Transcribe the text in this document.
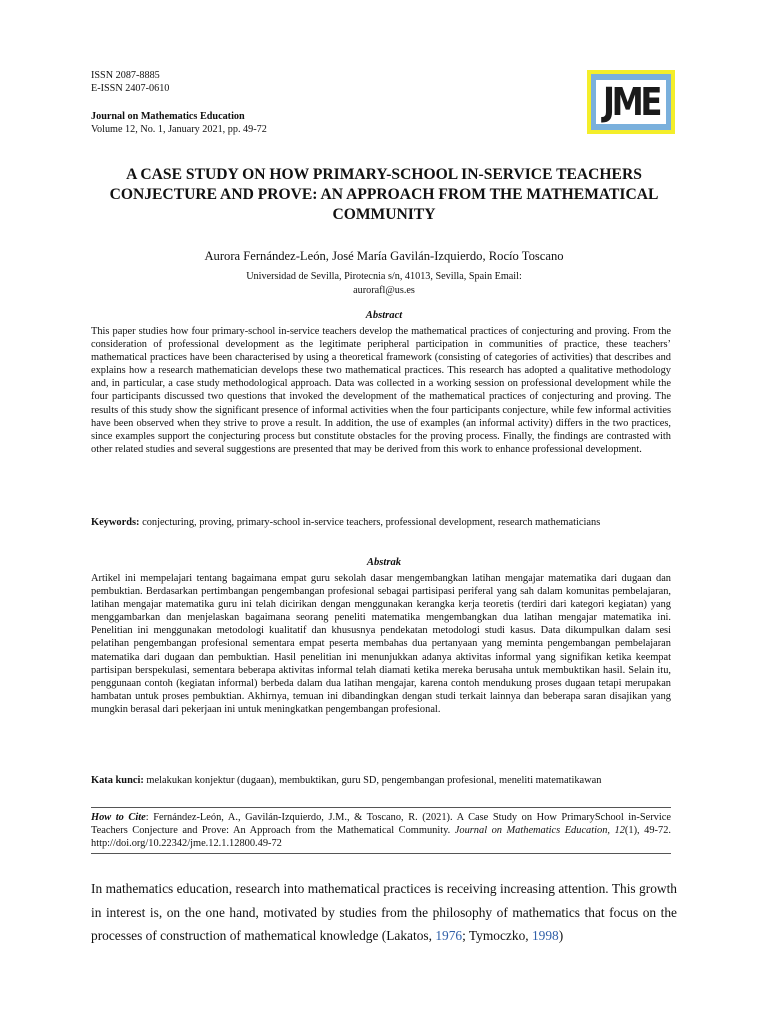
ISSN 2087-8885
E-ISSN 2407-0610
Journal on Mathematics Education
Volume 12, No. 1, January 2021, pp. 49-72
JME
A CASE STUDY ON HOW PRIMARY-SCHOOL IN-SERVICE TEACHERS CONJECTURE AND PROVE: AN APPROACH FROM THE MATHEMATICAL COMMUNITY
Aurora Fernández-León, José María Gavilán-Izquierdo, Rocío Toscano
Universidad de Sevilla, Pirotecnia s/n, 41013, Sevilla, Spain Email:
aurorafl@us.es
Abstract
This paper studies how four primary-school in-service teachers develop the mathematical practices of conjecturing and proving. From the consideration of professional development as the legitimate peripheral participation in communities of practice, these teachers’ mathematical practices have been characterised by using a theoretical framework (consisting of categories of activities) that describes and explains how a research mathematician develops these two mathematical practices. This research has adopted a qualitative methodology and, in particular, a case study methodological approach. Data was collected in a working session on professional development while the four participants discussed two questions that invoked the development of the mathematical practices of conjecturing and proving. The results of this study show the significant presence of informal activities when the four participants conjecture, while few informal activities have been observed when they strive to prove a result. In addition, the use of examples (an informal activity) differs in the two practices, since examples support the conjecturing process but constitute obstacles for the proving process. Finally, the findings are contrasted with other related studies and several suggestions are presented that may be derived from this work to enhance professional development.
Keywords: conjecturing, proving, primary-school in-service teachers, professional development, research mathematicians
Abstrak
Artikel ini mempelajari tentang bagaimana empat guru sekolah dasar mengembangkan latihan mengajar matematika dari dugaan dan pembuktian. Berdasarkan pertimbangan pengembangan profesional sebagai partisipasi periferal yang sah dalam komunitas pembelajaran, latihan mengajar matematika guru ini telah dicirikan dengan menggunakan kerangka kerja teoretis (terdiri dari kategori kegiatan) yang menggambarkan dan menjelaskan bagaimana seorang peneliti matematika mengembangkan dua latihan mengajar matematika ini. Penelitian ini menggunakan metodologi kualitatif dan khususnya pendekatan metodologi studi kasus. Data dikumpulkan dalam sesi pelatihan pengembangan profesional sementara empat peserta membahas dua pertanyaan yang meminta pengembangan pembelajaran matematika dari dugaan dan pembuktian. Hasil penelitian ini menunjukkan adanya aktivitas informal yang signifikan ketika keempat partisipan berspekulasi, sementara beberapa aktivitas informal telah diamati ketika mereka berusaha untuk membuktikan hasil. Selain itu, penggunaan contoh (kegiatan informal) berbeda dalam dua latihan mengajar, karena contoh mendukung proses dugaan tetapi merupakan hambatan untuk proses pembuktian. Akhirnya, temuan ini dibandingkan dengan studi terkait lainnya dan beberapa saran disajikan yang mungkin berasal dari pekerjaan ini untuk meningkatkan pengembangan profesional.
Kata kunci: melakukan konjektur (dugaan), membuktikan, guru SD, pengembangan profesional, meneliti matematikawan
How to Cite: Fernández-León, A., Gavilán-Izquierdo, J.M., & Toscano, R. (2021). A Case Study on How PrimarySchool in-Service Teachers Conjecture and Prove: An Approach from the Mathematical Community. Journal on Mathematics Education, 12(1), 49-72. http://doi.org/10.22342/jme.12.1.12800.49-72
In mathematics education, research into mathematical practices is receiving increasing attention. This growth in interest is, on the one hand, motivated by studies from the philosophy of mathematics that focus on the processes of construction of mathematical knowledge (Lakatos, 1976; Tymoczko, 1998)
